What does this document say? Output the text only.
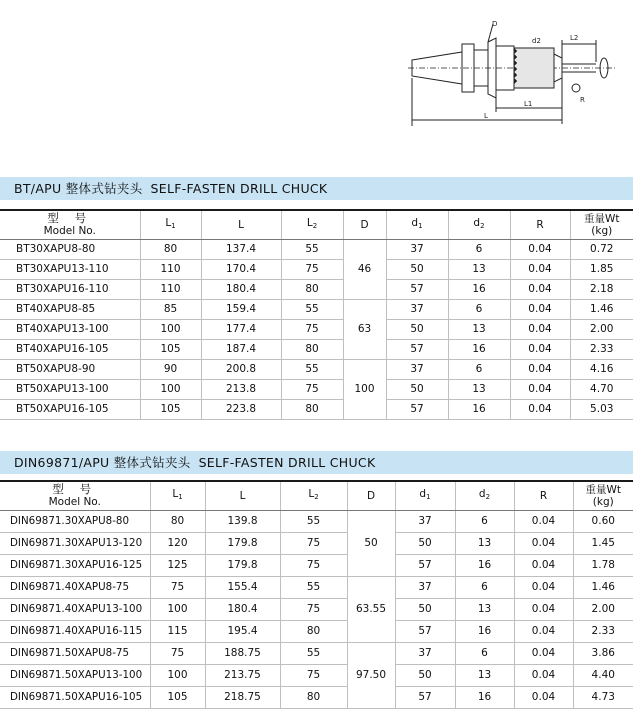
D
d2	L2
L1
L
R
BT/APU 整体式钻夹头 SELF-FASTEN DRILL CHUCK
型 号
Model No.	$L_1$	L	$L_2$	D	$d_1$	$d_2$	R	重量Wt
(kg)
BT30XAPU8-80	80	137.4	55	46	37	6	0.04	0.72
BT30XAPU13-110	110	170.4	75		50	13	0.04	1.85
BT30XAPU16-110	110	180.4	80		57	16	0.04	2.18
BT40XAPU8-85	85	159.4	55	63	37	6	0.04	1.46
BT40XAPU13-100	100	177.4	75		50	13	0.04	2.00
BT40XAPU16-105	105	187.4	80		57	16	0.04	2.33
BT50XAPU8-90	90	200.8	55	100	37	6	0.04	4.16
BT50XAPU13-100	100	213.8	75		50	13	0.04	4.70
BT50XAPU16-105	105	223.8	80		57	16	0.04	5.03
DIN69871/APU 整体式钻夹头 SELF-FASTEN DRILL CHUCK
型 号
Model No.	$L_1$	L	$L_2$	D	$d_1$	$d_2$	R	重量Wt
(kg)
DIN69871.30XAPU8-80	80	139.8	55	50	37	6	0.04	0.60
DIN69871.30XAPU13-120	120	179.8	75		50	13	0.04	1.45
DIN69871.30XAPU16-125	125	179.8	75		57	16	0.04	1.78
DIN69871.40XAPU8-75	75	155.4	55	63.55	37	6	0.04	1.46
DIN69871.40XAPU13-100	100	180.4	75		50	13	0.04	2.00
DIN69871.40XAPU16-115	115	195.4	80		57	16	0.04	2.33
DIN69871.50XAPU8-75	75	188.75	55	97.50	37	6	0.04	3.86
DIN69871.50XAPU13-100	100	213.75	75		50	13	0.04	4.40
DIN69871.50XAPU16-105	105	218.75	80		57	16	0.04	4.73
